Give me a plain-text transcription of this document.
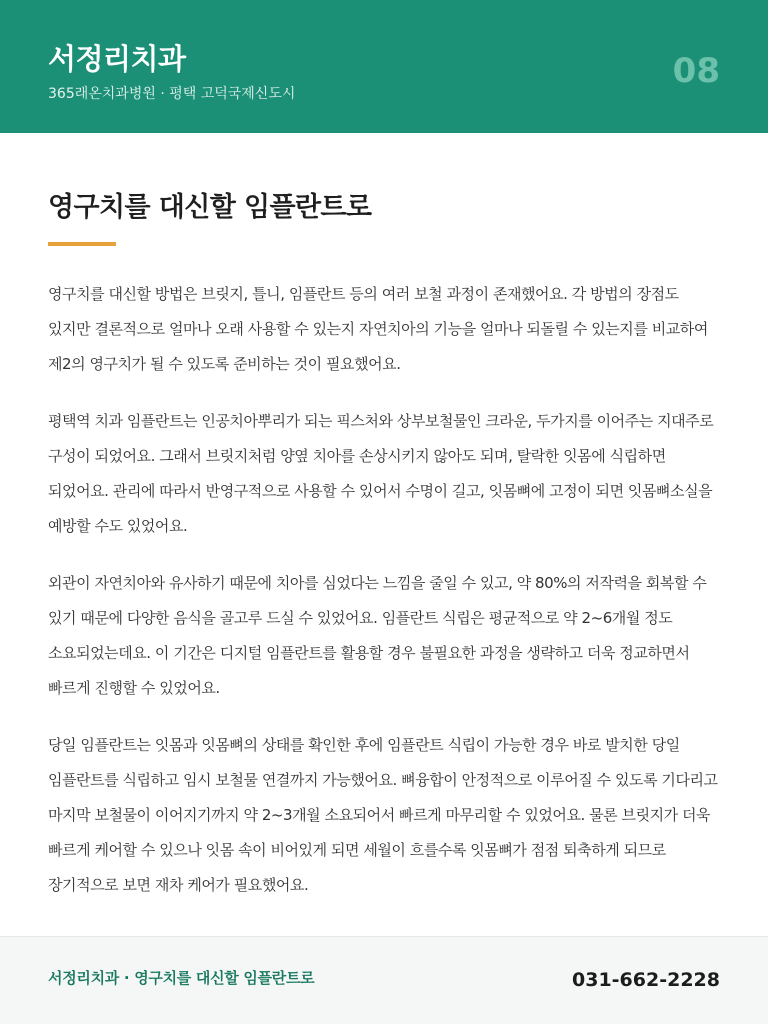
서정리치과
365래온치과병원 · 평택 고덕국제신도시
08
영구치를 대신할 임플란트로

영구치를 대신할 방법은 브릿지, 틀니, 임플란트 등의 여러 보철 과정이 존재했어요. 각 방법의 장점도 있지만 결론적으로 얼마나 오래 사용할 수 있는지 자연치아의 기능을 얼마나 되돌릴 수 있는지를 비교하여 제2의 영구치가 될 수 있도록 준비하는 것이 필요했어요.

평택역 치과 임플란트는 인공치아뿌리가 되는 픽스처와 상부보철물인 크라운, 두가지를 이어주는 지대주로 구성이 되었어요. 그래서 브릿지처럼 양옆 치아를 손상시키지 않아도 되며, 탈락한 잇몸에 식립하면 되었어요. 관리에 따라서 반영구적으로 사용할 수 있어서 수명이 길고, 잇몸뼈에 고정이 되면 잇몸뼈소실을 예방할 수도 있었어요.

외관이 자연치아와 유사하기 때문에 치아를 심었다는 느낌을 줄일 수 있고, 약 80%의 저작력을 회복할 수 있기 때문에 다양한 음식을 골고루 드실 수 있었어요. 임플란트 식립은 평균적으로 약 2~6개월 정도 소요되었는데요. 이 기간은 디지털 임플란트를 활용할 경우 불필요한 과정을 생략하고 더욱 정교하면서 빠르게 진행할 수 있었어요.

당일 임플란트는 잇몸과 잇몸뼈의 상태를 확인한 후에 임플란트 식립이 가능한 경우 바로 발치한 당일 임플란트를 식립하고 임시 보철물 연결까지 가능했어요. 뼈융합이 안정적으로 이루어질 수 있도록 기다리고 마지막 보철물이 이어지기까지 약 2~3개월 소요되어서 빠르게 마무리할 수 있었어요. 물론 브릿지가 더욱 빠르게 케어할 수 있으나 잇몸 속이 비어있게 되면 세월이 흐를수록 잇몸뼈가 점점 퇴축하게 되므로 장기적으로 보면 재차 케어가 필요했어요.

서정리치과 · 영구치를 대신할 임플란트로	031-662-2228
